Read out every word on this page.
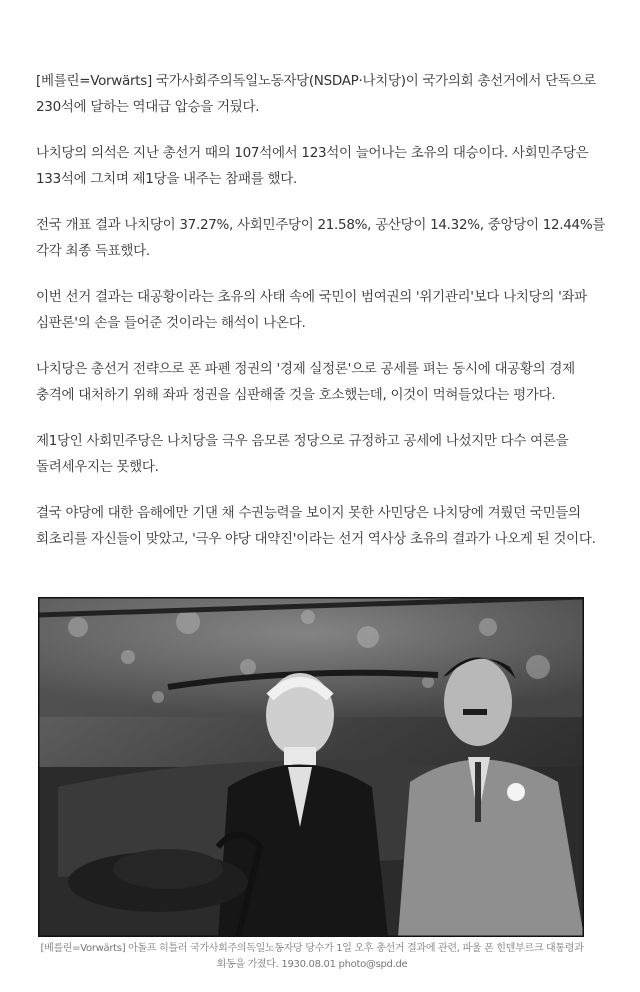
[베를린=Vorwärts] 국가사회주의독일노동자당(NSDAP·나치당)이 국가의회 총선거에서 단독으로 230석에 달하는 역대급 압승을 거뒀다.

나치당의 의석은 지난 총선거 때의 107석에서 123석이 늘어나는 초유의 대승이다. 사회민주당은 133석에 그치며 제1당을 내주는 참패를 했다.

전국 개표 결과 나치당이 37.27%, 사회민주당이 21.58%, 공산당이 14.32%, 중앙당이 12.44%를 각각 최종 득표했다.

이번 선거 결과는 대공황이라는 초유의 사태 속에 국민이 범여권의 '위기관리'보다 나치당의 '좌파 심판론'의 손을 들어준 것이라는 해석이 나온다.

나치당은 총선거 전략으로 폰 파펜 정권의 '경제 실정론'으로 공세를 펴는 동시에 대공황의 경제 충격에 대처하기 위해 좌파 정권을 심판해줄 것을 호소했는데, 이것이 먹혀들었다는 평가다.

제1당인 사회민주당은 나치당을 극우 음모론 정당으로 규정하고 공세에 나섰지만 다수 여론을 돌려세우지는 못했다.

결국 야당에 대한 음해에만 기댄 채 수권능력을 보이지 못한 사민당은 나치당에 겨뤘던 국민들의 회초리를 자신들이 맞았고, '극우 야당 대약진'이라는 선거 역사상 초유의 결과가 나오게 된 것이다.

[베를린=Vorwärts] 아돌프 히틀러 국가사회주의독일노동자당 당수가 1일 오후 총선거 결과에 관련, 파울 폰 힌덴부르크 대통령과 회동을 가졌다. 1930.08.01 photo@spd.de
